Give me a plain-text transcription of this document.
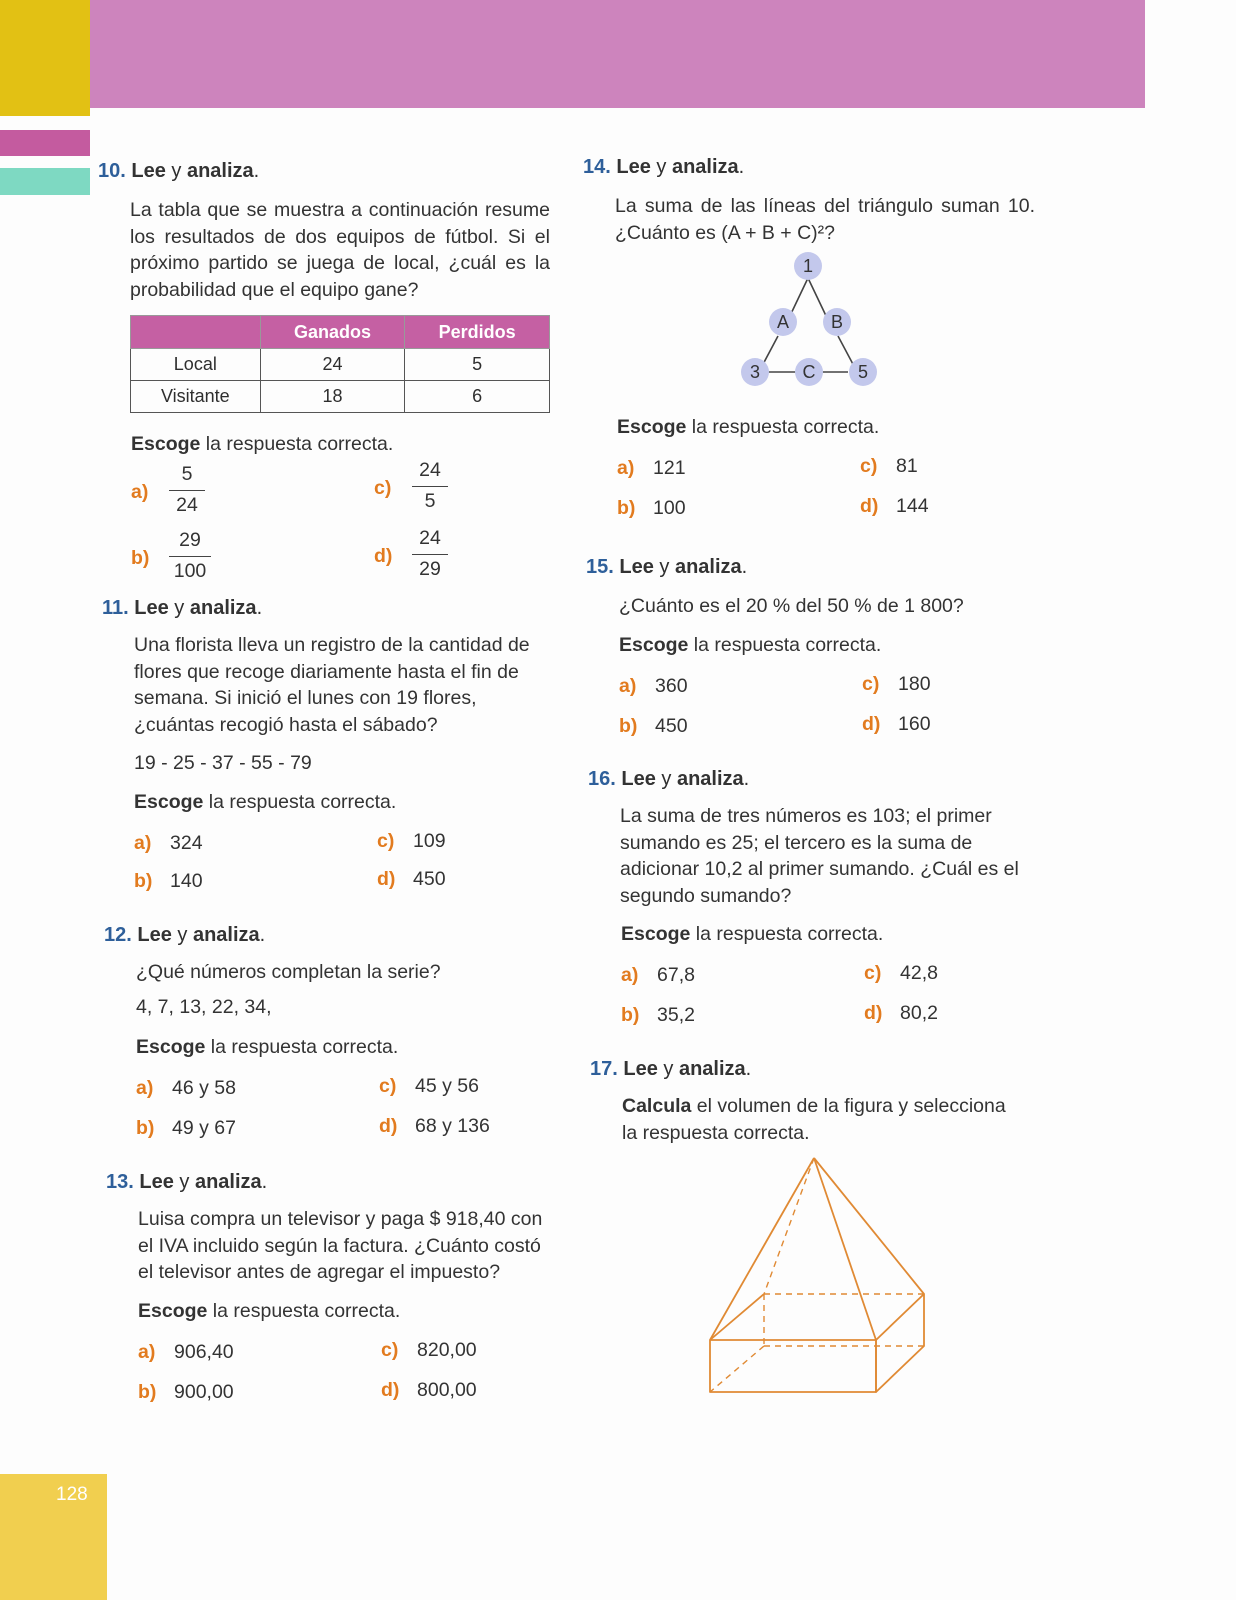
128
10. Lee y analiza.
La tabla que se muestra a continuación resume los resultados de dos equipos de fútbol. Si el próximo partido se juega de local, ¿cuál es la probabilidad que el equipo gane?
	Ganados	Perdidos
Local	24	5
Visitante	18	6
Escoge la respuesta correcta.
a)
5
24
b)
29
100
c)
24
5
d)
24
29
11. Lee y analiza.
Una florista lleva un registro de la cantidad de flores que recoge diariamente hasta el fin de semana. Si inició el lunes con 19 flores, ¿cuántas recogió hasta el sábado?
19 - 25 - 37 - 55 - 79
Escoge la respuesta correcta.
a) 324
b) 140
c) 109
d) 450
12. Lee y analiza.
¿Qué números completan la serie?
4, 7, 13, 22, 34,
Escoge la respuesta correcta.
a) 46 y 58
b) 49 y 67
c) 45 y 56
d) 68 y 136
13. Lee y analiza.
Luisa compra un televisor y paga $ 918,40 con el IVA incluido según la factura. ¿Cuánto costó el televisor antes de agregar el impuesto?
Escoge la respuesta correcta.
a) 906,40
b) 900,00
c) 820,00
d) 800,00
14. Lee y analiza.
La suma de las líneas del triángulo suman 10. ¿Cuánto es (A + B + C)²?
1
A B
3 C 5
Escoge la respuesta correcta.
a) 121
b) 100
c) 81
d) 144
15. Lee y analiza.
¿Cuánto es el 20 % del 50 % de 1 800?
Escoge la respuesta correcta.
a) 360
b) 450
c) 180
d) 160
16. Lee y analiza.
La suma de tres números es 103; el primer sumando es 25; el tercero es la suma de adicionar 10,2 al primer sumando. ¿Cuál es el segundo sumando?
Escoge la respuesta correcta.
a) 67,8
b) 35,2
c) 42,8
d) 80,2
17. Lee y analiza.
Calcula el volumen de la figura y selecciona la respuesta correcta.
